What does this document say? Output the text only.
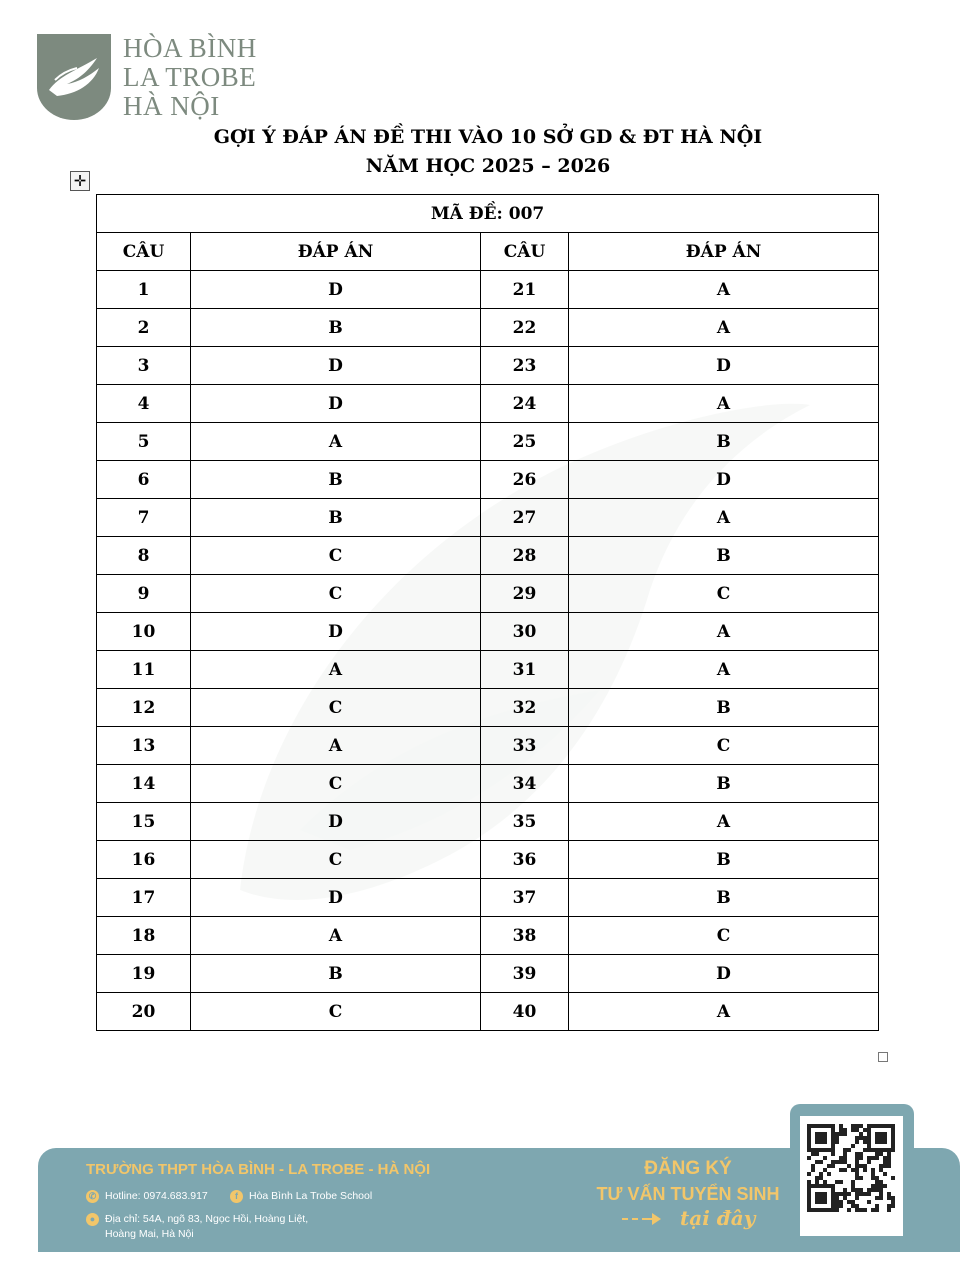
HÒA BÌNH
LA TROBE
HÀ NỘI
GỢI Ý ĐÁP ÁN ĐỀ THI VÀO 10 SỞ GD & ĐT HÀ NỘI
NĂM HỌC 2025 – 2026
✛
MÃ ĐỀ: 007			
CÂU	ĐÁP ÁN	CÂU	ĐÁP ÁN
1	D	21	A
2	B	22	A
3	D	23	D
4	D	24	A
5	A	25	B
6	B	26	D
7	B	27	A
8	C	28	B
9	C	29	C
10	D	30	A
11	A	31	A
12	C	32	B
13	A	33	C
14	C	34	B
15	D	35	A
16	C	36	B
17	D	37	B
18	A	38	C
19	B	39	D
20	C	40	A
TRƯỜNG THPT HÒA BÌNH - LA TROBE - HÀ NỘI
✆ Hotline: 0974.683.917	f	Hòa Bình La Trobe School
● Địa chỉ: 54A, ngõ 83, Ngọc Hồi, Hoàng Liệt,
Hoàng Mai, Hà Nội
ĐĂNG KÝ
TƯ VẤN TUYỂN SINH
tại đây
